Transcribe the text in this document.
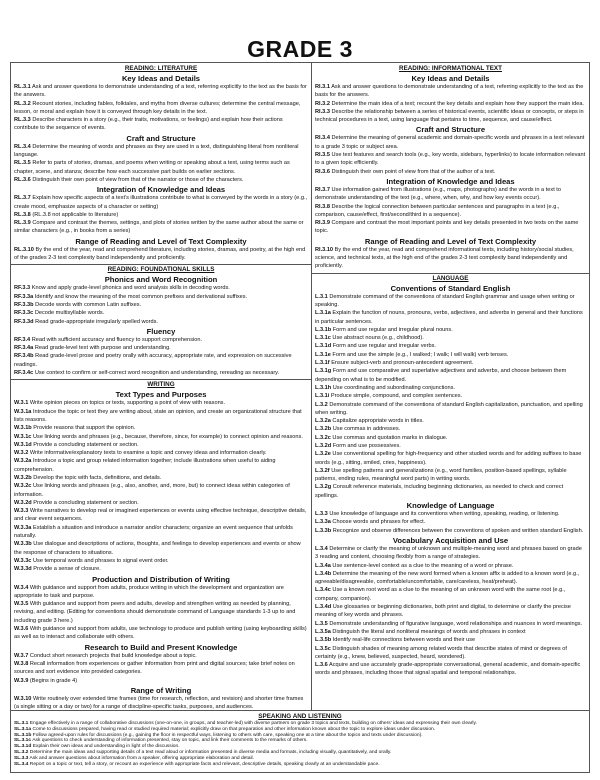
GRADE 3
READING: LITERATURE
Key Ideas and Details
RL.3.1 Ask and answer questions to demonstrate understanding of a text, referring explicitly to the text as the basis for the answers.
RL.3.2 Recount stories, including fables, folktales, and myths from diverse cultures; determine the central message, lesson, or moral and explain how it is conveyed through key details in the text.
RL.3.3 Describe characters in a story (e.g., their traits, motivations, or feelings) and explain how their actions contribute to the sequence of events.
Craft and Structure
RL.3.4 Determine the meaning of words and phrases as they are used in a text, distinguishing literal from nonliteral language.
RL.3.5 Refer to parts of stories, dramas, and poems when writing or speaking about a text, using terms such as chapter, scene, and stanza; describe how each successive part builds on earlier sections.
RL.3.6 Distinguish their own point of view from that of the narrator or those of the characters.
Integration of Knowledge and Ideas
RL.3.7 Explain how specific aspects of a text's illustrations contribute to what is conveyed by the words in a story (e.g., create mood, emphasize aspects of a character or setting)
RL.3.8 (RL.3.8 not applicable to literature)
RL.3.9 Compare and contrast the themes, settings, and plots of stories written by the same author about the same or similar characters (e.g., in books from a series)
Range of Reading and Level of Text Complexity
RL.3.10 By the end of the year, read and comprehend literature, including stories, dramas, and poetry, at the high end of the grades 2-3 text complexity band independently and proficiently.
READING: FOUNDATIONAL SKILLS
Phonics and Word Recognition
RF.3.3 Know and apply grade-level phonics and word analysis skills in decoding words.
RF.3.3a Identify and know the meaning of the most common prefixes and derivational suffixes.
RF.3.3b Decode words with common Latin suffixes.
RF.3.3c Decode multisyllable words.
RF.3.3d Read grade-appropriate irregularly spelled words.
Fluency
RF.3.4 Read with sufficient accuracy and fluency to support comprehension.
RF.3.4a Read grade-level text with purpose and understanding.
RF.3.4b Read grade-level prose and poetry orally with accuracy, appropriate rate, and expression on successive readings.
RF.3.4c Use context to confirm or self-correct word recognition and understanding, rereading as necessary.
WRITING
Text Types and Purposes
W.3.1 Write opinion pieces on topics or texts, supporting a point of view with reasons.
W.3.1a Introduce the topic or text they are writing about, state an opinion, and create an organizational structure that lists reasons.
W.3.1b Provide reasons that support the opinion.
W.3.1c Use linking words and phrases (e.g., because, therefore, since, for example) to connect opinion and reasons.
W.3.1d Provide a concluding statement or section.
W.3.2 Write informative/explanatory texts to examine a topic and convey ideas and information clearly.
W.3.2a Introduce a topic and group related information together; include illustrations when useful to aiding comprehension.
W.3.2b Develop the topic with facts, definitions, and details.
W.3.2c Use linking words and phrases (e.g., also, another, and, more, but) to connect ideas within categories of information.
W.3.2d Provide a concluding statement or section.
W.3.3 Write narratives to develop real or imagined experiences or events using effective technique, descriptive details, and clear event sequences.
W.3.3a Establish a situation and introduce a narrator and/or characters; organize an event sequence that unfolds naturally.
W.3.3b Use dialogue and descriptions of actions, thoughts, and feelings to develop experiences and events or show the response of characters to situations.
W.3.3c Use temporal words and phrases to signal event order.
W.3.3d Provide a sense of closure.
Production and Distribution of Writing
W.3.4 With guidance and support from adults, produce writing in which the development and organization are appropriate to task and purpose.
W.3.5 With guidance and support from peers and adults, develop and strengthen writing as needed by planning, revising, and editing. (Editing for conventions should demonstrate command of Language standards 1-3 up to and including grade 3 here.)
W.3.6 With guidance and support from adults, use technology to produce and publish writing (using keyboarding skills) as well as to interact and collaborate with others.
Research to Build and Present Knowledge
W.3.7 Conduct short research projects that build knowledge about a topic.
W.3.8 Recall information from experiences or gather information from print and digital sources; take brief notes on sources and sort evidence into provided categories.
W.3.9 (Begins in grade 4)
Range of Writing
W.3.10 Write routinely over extended time frames (time for research, reflection, and revision) and shorter time frames (a single sitting or a day or two) for a range of discipline-specific tasks, purposes, and audiences.
READING: INFORMATIONAL TEXT
Key Ideas and Details
RI.3.1 Ask and answer questions to demonstrate understanding of a text, referring explicitly to the text as the basis for the answers.
RI.3.2 Determine the main idea of a text; recount the key details and explain how they support the main idea.
RI.3.3 Describe the relationship between a series of historical events, scientific ideas or concepts, or steps in technical procedures in a text, using language that pertains to time, sequence, and cause/effect.
Craft and Structure
RI.3.4 Determine the meaning of general academic and domain-specific words and phrases in a text relevant to a grade 3 topic or subject area.
RI.3.5 Use text features and search tools (e.g., key words, sidebars, hyperlinks) to locate information relevant to a given topic efficiently.
RI.3.6 Distinguish their own point of view from that of the author of a text.
Integration of Knowledge and Ideas
RI.3.7 Use information gained from illustrations (e.g., maps, photographs) and the words in a text to demonstrate understanding of the text (e.g., where, when, why, and how key events occur).
RI.3.8 Describe the logical connection between particular sentences and paragraphs in a text (e.g., comparison, cause/effect, first/second/third in a sequence).
RI.3.9 Compare and contrast the most important points and key details presented in two texts on the same topic.
Range of Reading and Level of Text Complexity
RI.3.10 By the end of the year, read and comprehend informational texts, including history/social studies, science, and technical texts, at the high end of the grades 2-3 text complexity band independently and proficiently.
LANGUAGE
Conventions of Standard English
L.3.1 Demonstrate command of the conventions of standard English grammar and usage when writing or speaking.
L.3.1a Explain the function of nouns, pronouns, verbs, adjectives, and adverbs in general and their functions in particular sentences.
L.3.1b Form and use regular and irregular plural nouns.
L.3.1c Use abstract nouns (e.g., childhood).
L.3.1d Form and use regular and irregular verbs.
L.3.1e Form and use the simple (e.g., I walked; I walk; I will walk) verb tenses.
L.3.1f Ensure subject-verb and pronoun-antecedent agreement.
L.3.1g Form and use comparative and superlative adjectives and adverbs, and choose between them depending on what is to be modified.
L.3.1h Use coordinating and subordinating conjunctions.
L.3.1i Produce simple, compound, and complex sentences.
L.3.2 Demonstrate command of the conventions of standard English capitalization, punctuation, and spelling when writing.
L.3.2a Capitalize appropriate words in titles.
L.3.2b Use commas in addresses.
L.3.2c Use commas and quotation marks in dialogue.
L.3.2d Form and use possessives.
L.3.2e Use conventional spelling for high-frequency and other studied words and for adding suffixes to base words (e.g., sitting, smiled, cries, happiness).
L.3.2f Use spelling patterns and generalizations (e.g., word families, position-based spellings, syllable patterns, ending rules, meaningful word parts) in writing words.
L.3.2g Consult reference materials, including beginning dictionaries, as needed to check and correct spellings.
Knowledge of Language
L.3.3 Use knowledge of language and its conventions when writing, speaking, reading, or listening.
L.3.3a Choose words and phrases for effect.
L.3.3b Recognize and observe differences between the conventions of spoken and written standard English.
Vocabulary Acquisition and Use
L.3.4 Determine or clarify the meaning of unknown and multiple-meaning word and phrases based on grade 3 reading and content, choosing flexibly from a range of strategies.
L.3.4a Use sentence-level context as a clue to the meaning of a word or phrase.
L.3.4b Determine the meaning of the new word formed when a known affix is added to a known word (e.g., agreeable/disagreeable, comfortable/uncomfortable, care/careless, heat/preheat).
L.3.4c Use a known root word as a clue to the meaning of an unknown word with the same root (e.g., company, companion).
L.3.4d Use glossaries or beginning dictionaries, both print and digital, to determine or clarify the precise meaning of key words and phrases.
L.3.5 Demonstrate understanding of figurative language, word relationships and nuances in word meanings.
L.3.5a Distinguish the literal and nonliteral meanings of words and phrases in context
L.3.5b Identify real-life connections between words and their use
L.3.5c Distinguish shades of meaning among related words that describe states of mind or degrees of certainty (e.g., knew, believed, suspected, heard, wondered).
L.3.6 Acquire and use accurately grade-appropriate conversational, general academic, and domain-specific words and phrases, including those that signal spatial and temporal relationships.
SPEAKING AND LISTENING
SL.3.1 Engage effectively in a range of collaborative discussions (one-on-one, in groups, and teacher-led) with diverse partners on grade 3 topics and texts, building on others' ideas and expressing their own clearly.
SL.3.1a Come to discussions prepared, having read or studied required material; explicitly draw on that preparation and other information known about the topic to explore ideas under discussion.
SL.3.1b Follow agreed-upon rules for discussions (e.g., gaining the floor in respectful ways, listening to others with care, speaking one at a time about the topics and texts under discussion).
SL.3.1c Ask questions to check understanding of information presented, stay on topic, and link their comments to the remarks of others.
SL.3.1d Explain their own ideas and understanding in light of the discussion.
SL.3.2 Determine the main ideas and supporting details of a text read aloud or information presented in diverse media and formats, including visually, quantitatively, and orally.
SL.3.3 Ask and answer questions about information from a speaker, offering appropriate elaboration and detail.
SL.3.4 Report on a topic or text, tell a story, or recount an experience with appropriate facts and relevant, descriptive details, speaking clearly at an understandable pace.
